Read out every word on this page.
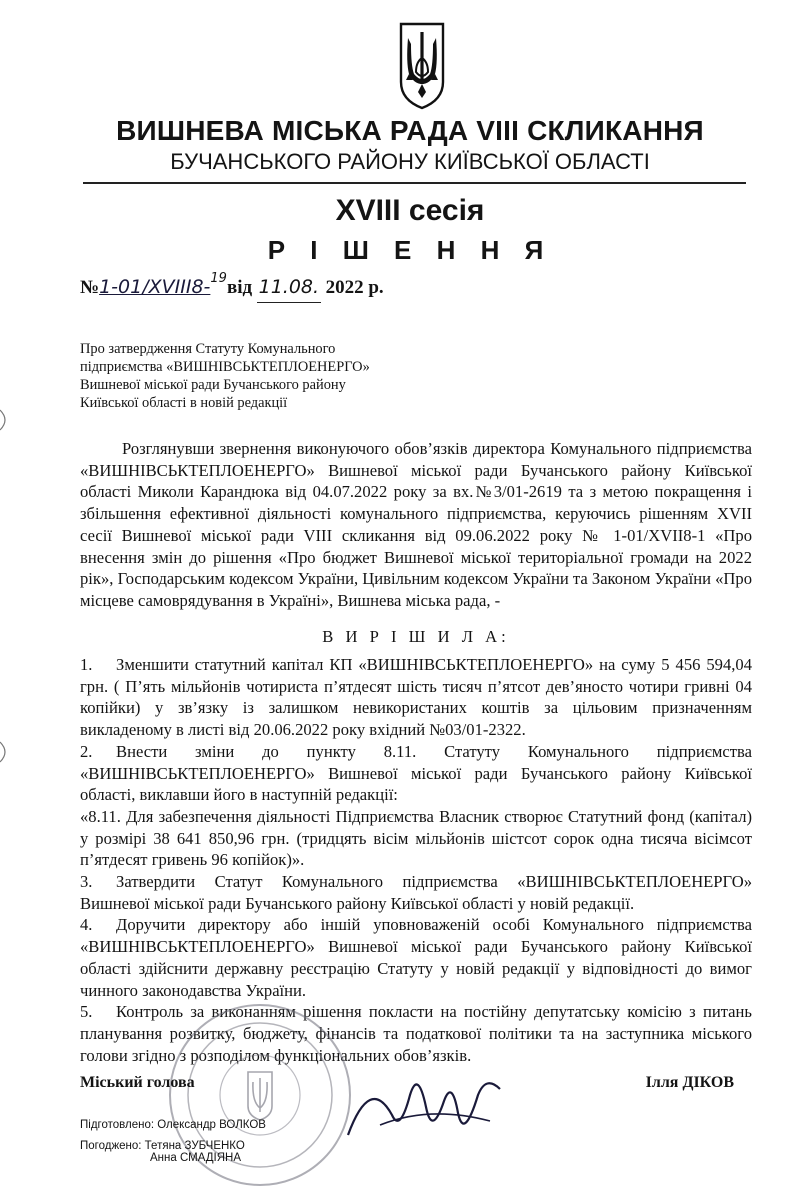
ВИШНЕВА МІСЬКА РАДА VIII СКЛИКАННЯ
БУЧАНСЬКОГО РАЙОНУ КИЇВСЬКОЇ ОБЛАСТІ
XVIII сесія
Р І Ш Е Н Н Я
№1-01/XVIII8-$^{19}$від 11.08. 2022 р.
Про затвердження Статуту Комунального
підприємства «ВИШНІВСЬКТЕПЛОЕНЕРГО»
Вишневої міської ради Бучанського району
Київської області в новій редакції
Розглянувши звернення виконуючого обов’язків директора Комунального підприємства «ВИШНІВСЬКТЕПЛОЕНЕРГО» Вишневої міської ради Бучанського району Київської області Миколи Карандюка від 04.07.2022 року за вх.№3/01-2619 та з метою покращення і збільшення ефективної діяльності комунального підприємства, керуючись рішенням XVII сесії Вишневої міської ради VIII скликання від 09.06.2022 року № 1-01/XVII8-1 «Про внесення змін до рішення «Про бюджет Вишневої міської територіальної громади на 2022 рік», Господарським кодексом України, Цивільним кодексом України та Законом України «Про місцеве самоврядування в Україні», Вишнева міська рада, -
В И Р І Ш И Л А:

1. Зменшити статутний капітал КП «ВИШНІВСЬКТЕПЛОЕНЕРГО» на суму 5 456 594,04 грн. ( П’ять мільйонів чотириста п’ятдесят шість тисяч п’ятсот дев’яносто чотири гривні 04 копійки) у зв’язку із залишком невикористаних коштів за цільовим призначенням викладеному в листі від 20.06.2022 року вхідний №03/01-2322.

2. Внести зміни до пункту 8.11. Статуту Комунального підприємства «ВИШНІВСЬКТЕПЛОЕНЕРГО» Вишневої міської ради Бучанського району Київської області, виклавши його в наступній редакції:

«8.11. Для забезпечення діяльності Підприємства Власник створює Статутний фонд (капітал) у розмірі 38 641 850,96 грн. (тридцять вісім мільйонів шістсот сорок одна тисяча вісімсот п’ятдесят гривень 96 копійок)».

3. Затвердити Статут Комунального підприємства «ВИШНІВСЬКТЕПЛОЕНЕРГО» Вишневої міської ради Бучанського району Київської області у новій редакції.

4. Доручити директору або іншій уповноваженій особі Комунального підприємства «ВИШНІВСЬКТЕПЛОЕНЕРГО» Вишневої міської ради Бучанського району Київської області здійснити державну реєстрацію Статуту у новій редакції у відповідності до вимог чинного законодавства України.

5. Контроль за виконанням рішення покласти на постійну депутатську комісію з питань планування розвитку, бюджету, фінансів та податкової політики та на заступника міського голови згідно з розподілом функціональних обов’язків.

Міський голова	Ілля ДІКОВ
Підготовлено: Олександр ВОЛКОВ
Погоджено: Тетяна ЗУБЧЕНКО
Анна СМАДІЯНА
